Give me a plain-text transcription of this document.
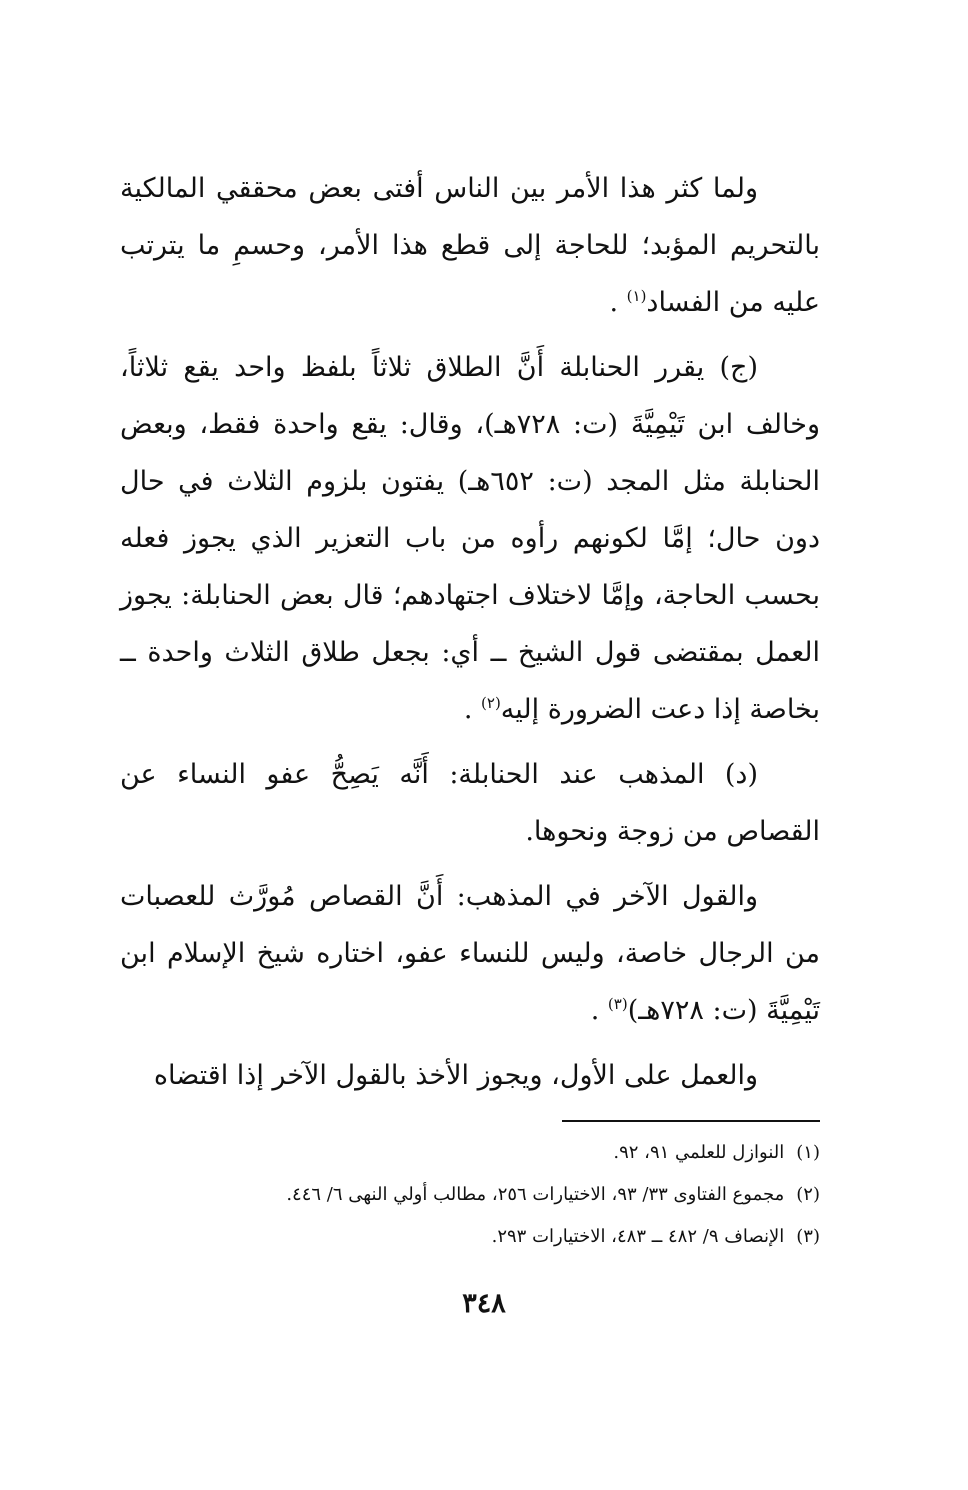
ولما كثر هذا الأمر بين الناس أفتى بعض محققي المالكية بالتحريم المؤبد؛ للحاجة إلى قطع هذا الأمر، وحسمِ ما يترتب عليه من الفساد$^{(١)}$ .

(ج) يقرر الحنابلة أَنَّ الطلاق ثلاثاً بلفظ واحد يقع ثلاثاً، وخالف ابن تَيْمِيَّةَ (ت: ٧٢٨هـ)، وقال: يقع واحدة فقط، وبعض الحنابلة مثل المجد (ت: ٦٥٢هـ) يفتون بلزوم الثلاث في حال دون حال؛ إمَّا لكونهم رأوه من باب التعزير الذي يجوز فعله بحسب الحاجة، وإمَّا لاختلاف اجتهادهم؛ قال بعض الحنابلة: يجوز العمل بمقتضى قول الشيخ ــ أي: بجعل طلاق الثلاث واحدة ــ بخاصة إذا دعت الضرورة إليه$^{(٢)}$ .

(د) المذهب عند الحنابلة: أَنَّه يَصِحُّ عفو النساء عن القصاص من زوجة ونحوها.

والقول الآخر في المذهب: أَنَّ القصاص مُورَّث للعصبات من الرجال خاصة، وليس للنساء عفو، اختاره شيخ الإسلام ابن تَيْمِيَّةَ (ت: ٧٢٨هـ)$^{(٣)}$ .

والعمل على الأول، ويجوز الأخذ بالقول الآخر إذا اقتضاه

(١)النوازل للعلمي ٩١، ٩٢.
(٢)مجموع الفتاوى ٣٣/ ٩٣، الاختيارات ٢٥٦، مطالب أولي النهى ٦/ ٤٤٦.
(٣)الإنصاف ٩/ ٤٨٢ ــ ٤٨٣، الاختيارات ٢٩٣.
٣٤٨
